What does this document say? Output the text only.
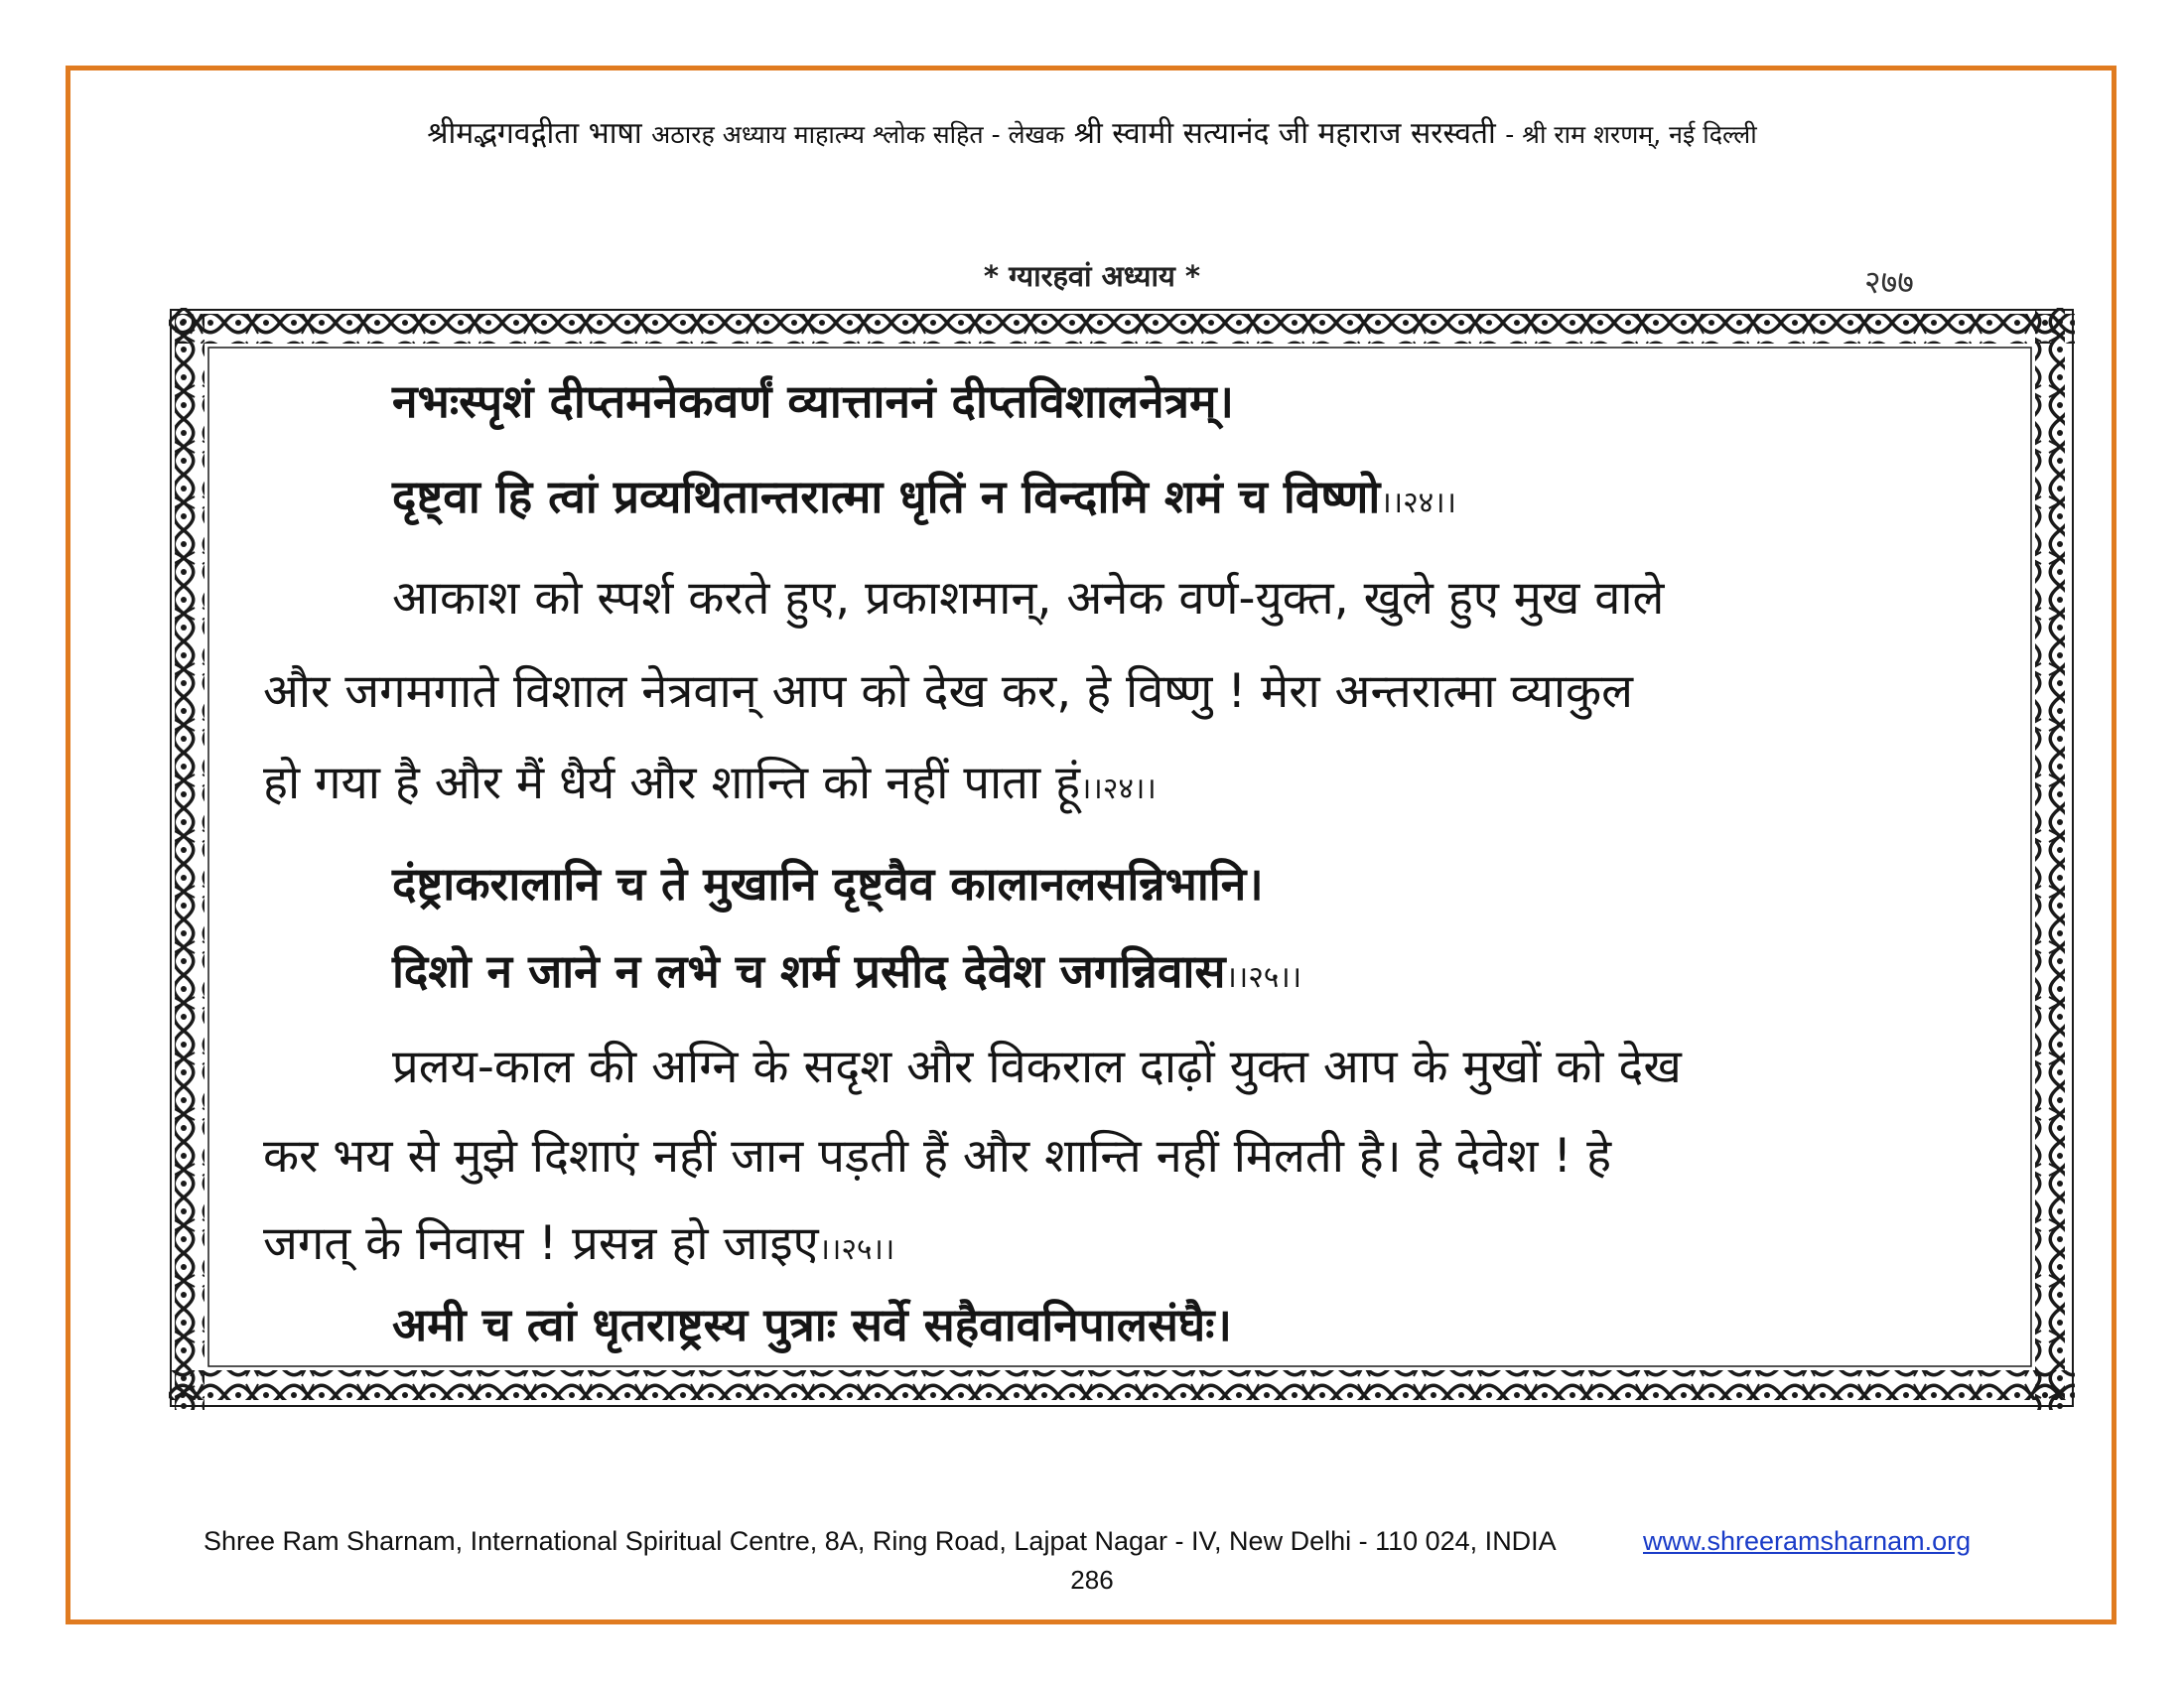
श्रीमद्भगवद्गीता भाषा अठारह अध्याय माहात्म्य श्लोक सहित - लेखक श्री स्वामी सत्यानंद जी महाराज सरस्वती - श्री राम शरणम्, नई दिल्ली
* ग्यारहवां अध्याय *	२७७
नभःस्पृशं दीप्तमनेकवर्णं व्यात्ताननं दीप्तविशालनेत्रम्।
दृष्ट्वा हि त्वां प्रव्यथितान्तरात्मा धृतिं न विन्दामि शमं च विष्णो।।२४।।
आकाश को स्पर्श करते हुए, प्रकाशमान्, अनेक वर्ण-युक्त, खुले हुए मुख वाले
और जगमगाते विशाल नेत्रवान् आप को देख कर, हे विष्णु ! मेरा अन्तरात्मा व्याकुल
हो गया है और मैं धैर्य और शान्ति को नहीं पाता हूं।।२४।।
दंष्ट्राकरालानि च ते मुखानि दृष्ट्वैव कालानलसन्निभानि।
दिशो न जाने न लभे च शर्म प्रसीद देवेश जगन्निवास।।२५।।
प्रलय-काल की अग्नि के सदृश और विकराल दाढ़ों युक्त आप के मुखों को देख
कर भय से मुझे दिशाएं नहीं जान पड़ती हैं और शान्ति नहीं मिलती है। हे देवेश ! हे
जगत् के निवास ! प्रसन्न हो जाइए।।२५।।
अमी च त्वां धृतराष्ट्रस्य पुत्राः सर्वे सहैवावनिपालसंघैः।
Shree Ram Sharnam, International Spiritual Centre, 8A, Ring Road, Lajpat Nagar - IV, New Delhi - 110 024, INDIA	www.shreeramsharnam.org
286
